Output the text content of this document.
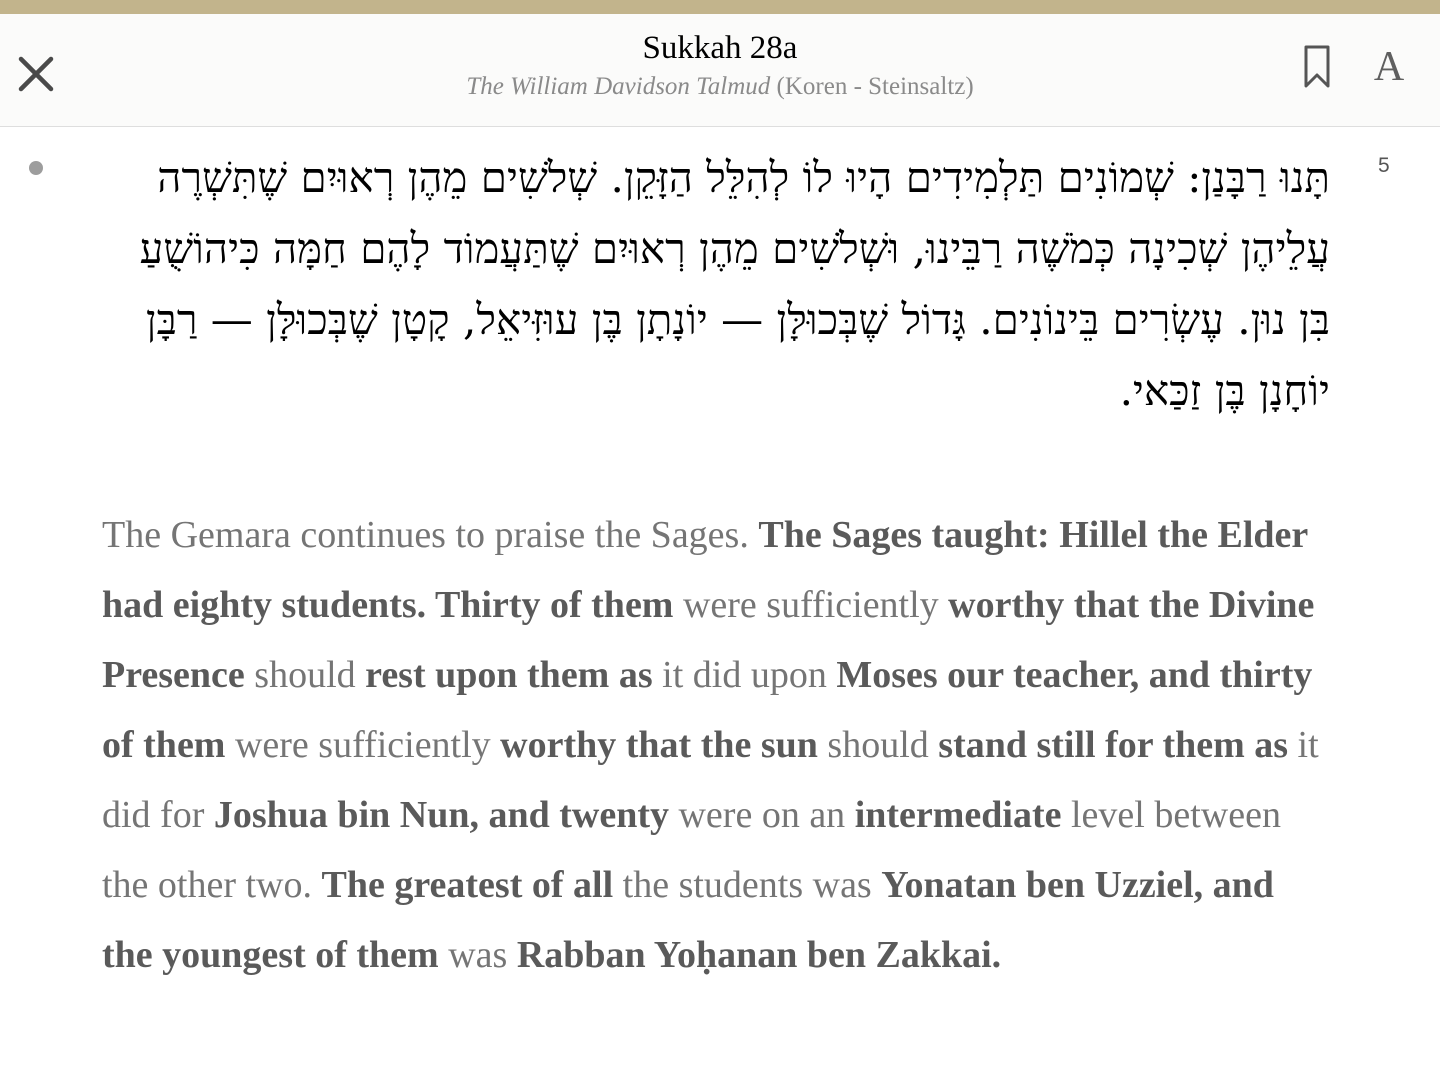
Sukkah 28a
The William Davidson Talmud (Koren - Steinsaltz)	A
5

תָּנוּ רַבָּנַן: שְׁמוֹנִים תַּלְמִידִים הָיוּ לוֹ לְהִלֵּל הַזָּקֵן. שְׁלֹשִׁים מֵהֶן רְאוּיִם שֶׁתִּשְׁרֶה עֲלֵיהֶן שְׁכִינָה כְּמֹשֶׁה רַבֵּינוּ, וּשְׁלֹשִׁים מֵהֶן רְאוּיִם שֶׁתַּעֲמוֹד לָהֶם חַמָּה כִּיהוֹשֻׁעַ בִּן נוּן. עֶשְׂרִים בֵּינוֹנִים. גָּדוֹל שֶׁבְּכוּלָּן — יוֹנָתָן בֶּן עוּזִּיאֵל, קָטָן שֶׁבְּכוּלָּן — רַבָּן יוֹחָנָן בֶּן זַכַּאי.

The Gemara continues to praise the Sages. The Sages taught: Hillel the Elder had eighty students. Thirty of them were sufficiently worthy that the Divine Presence should rest upon them as it did upon Moses our teacher, and thirty of them were sufficiently worthy that the sun should stand still for them as it did for Joshua bin Nun, and twenty were on an intermediate level between the other two. The greatest of all the students was Yonatan ben Uzziel, and the youngest of them was Rabban Yoḥanan ben Zakkai.
